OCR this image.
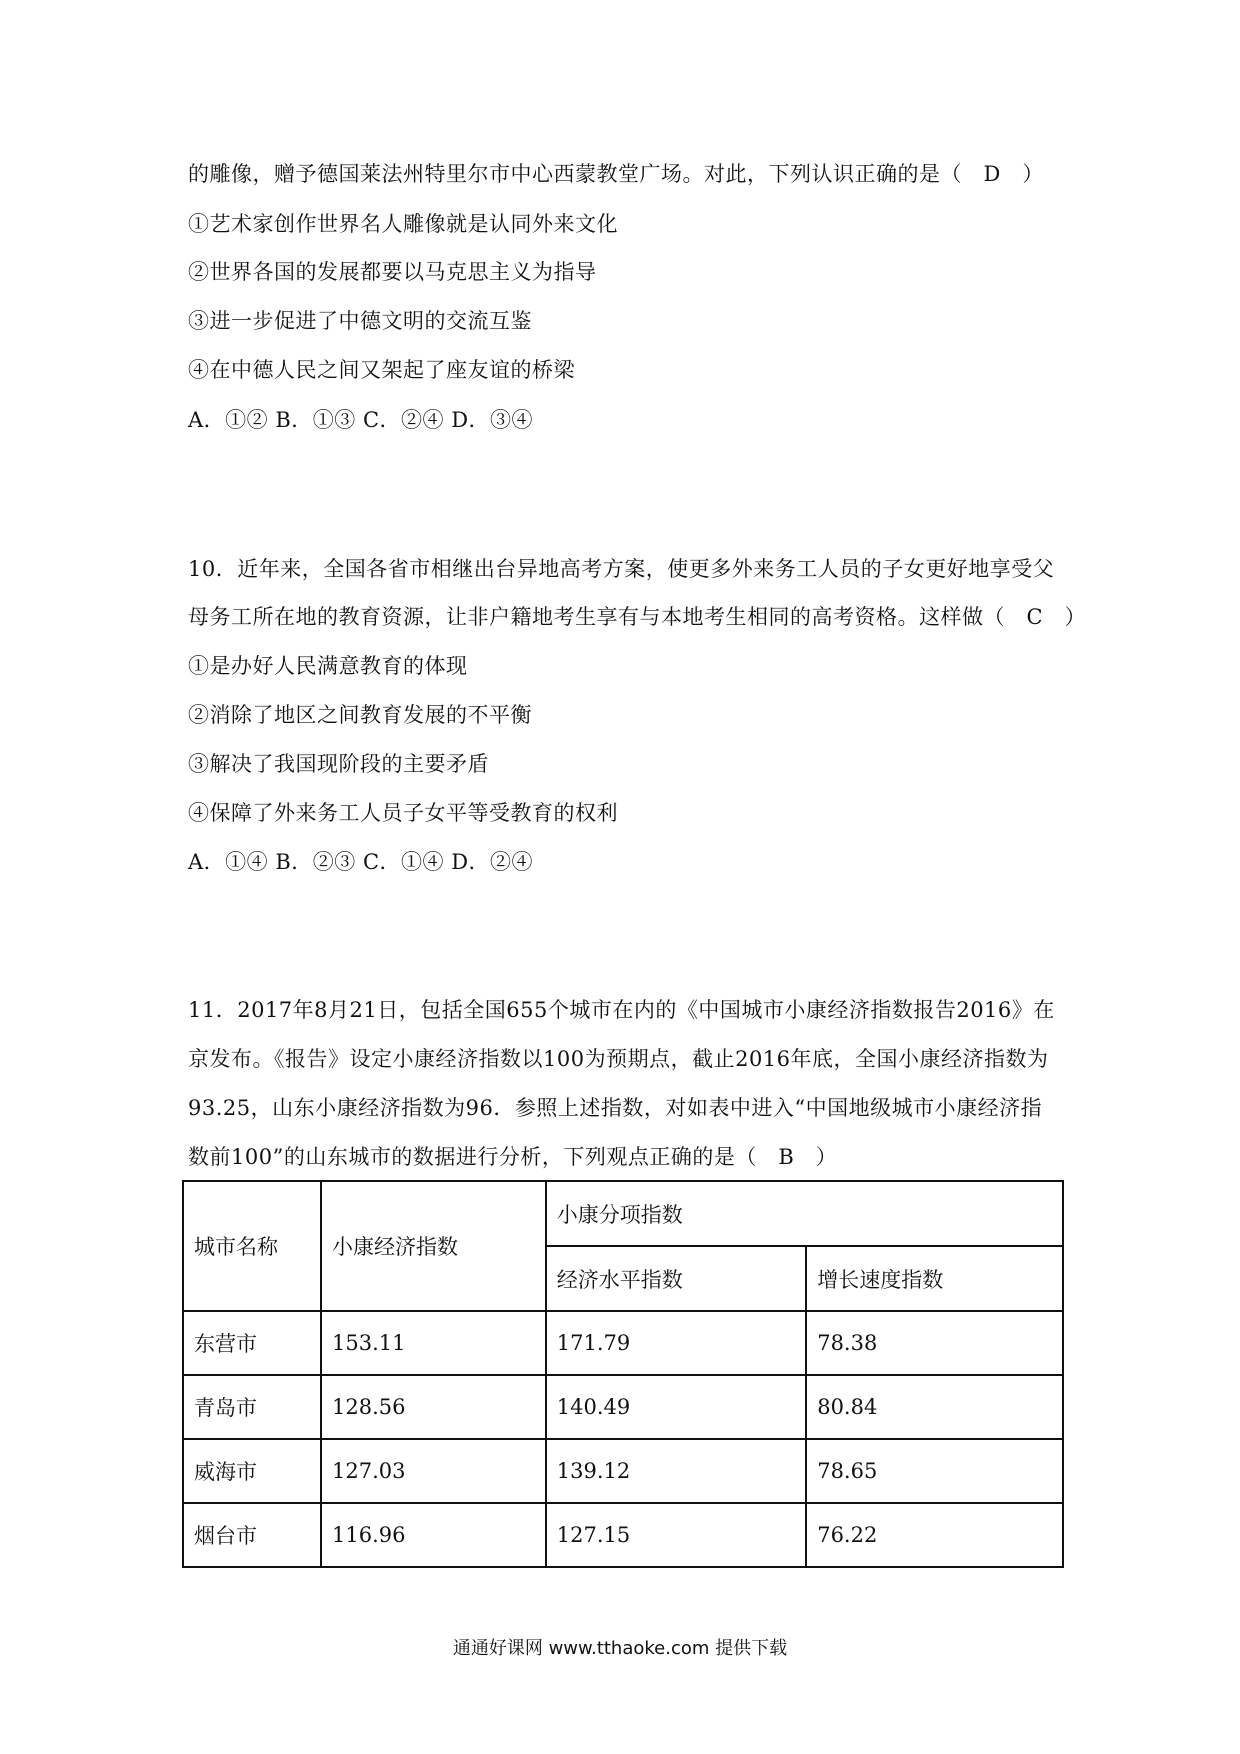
的雕像，赠予德国莱法州特里尔市中心西蒙教堂广场。对此，下列认识正确的是（　D　）
①艺术家创作世界名人雕像就是认同外来文化
②世界各国的发展都要以马克思主义为指导
③进一步促进了中德文明的交流互鉴
④在中德人民之间又架起了座友谊的桥梁
A．①② B．①③ C．②④ D．③④
10．近年来，全国各省市相继出台异地高考方案，使更多外来务工人员的子女更好地享受父
母务工所在地的教育资源，让非户籍地考生享有与本地考生相同的高考资格。这样做（　C　）
①是办好人民满意教育的体现
②消除了地区之间教育发展的不平衡
③解决了我国现阶段的主要矛盾
④保障了外来务工人员子女平等受教育的权利
A．①④ B．②③ C．①④ D．②④
11．2017年8月21日，包括全国655个城市在内的《中国城市小康经济指数报告2016》在
京发布。《报告》设定小康经济指数以100为预期点，截止2016年底，全国小康经济指数为
93.25，山东小康经济指数为96．参照上述指数，对如表中进入“中国地级城市小康经济指
数前100”的山东城市的数据进行分析，下列观点正确的是（　B　）
城市名称	小康经济指数	小康分项指数	
		经济水平指数	增长速度指数
东营市	153.11	171.79	78.38
青岛市	128.56	140.49	80.84
威海市	127.03	139.12	78.65
烟台市	116.96	127.15	76.22
通通好课网 www.tthaoke.com 提供下载
